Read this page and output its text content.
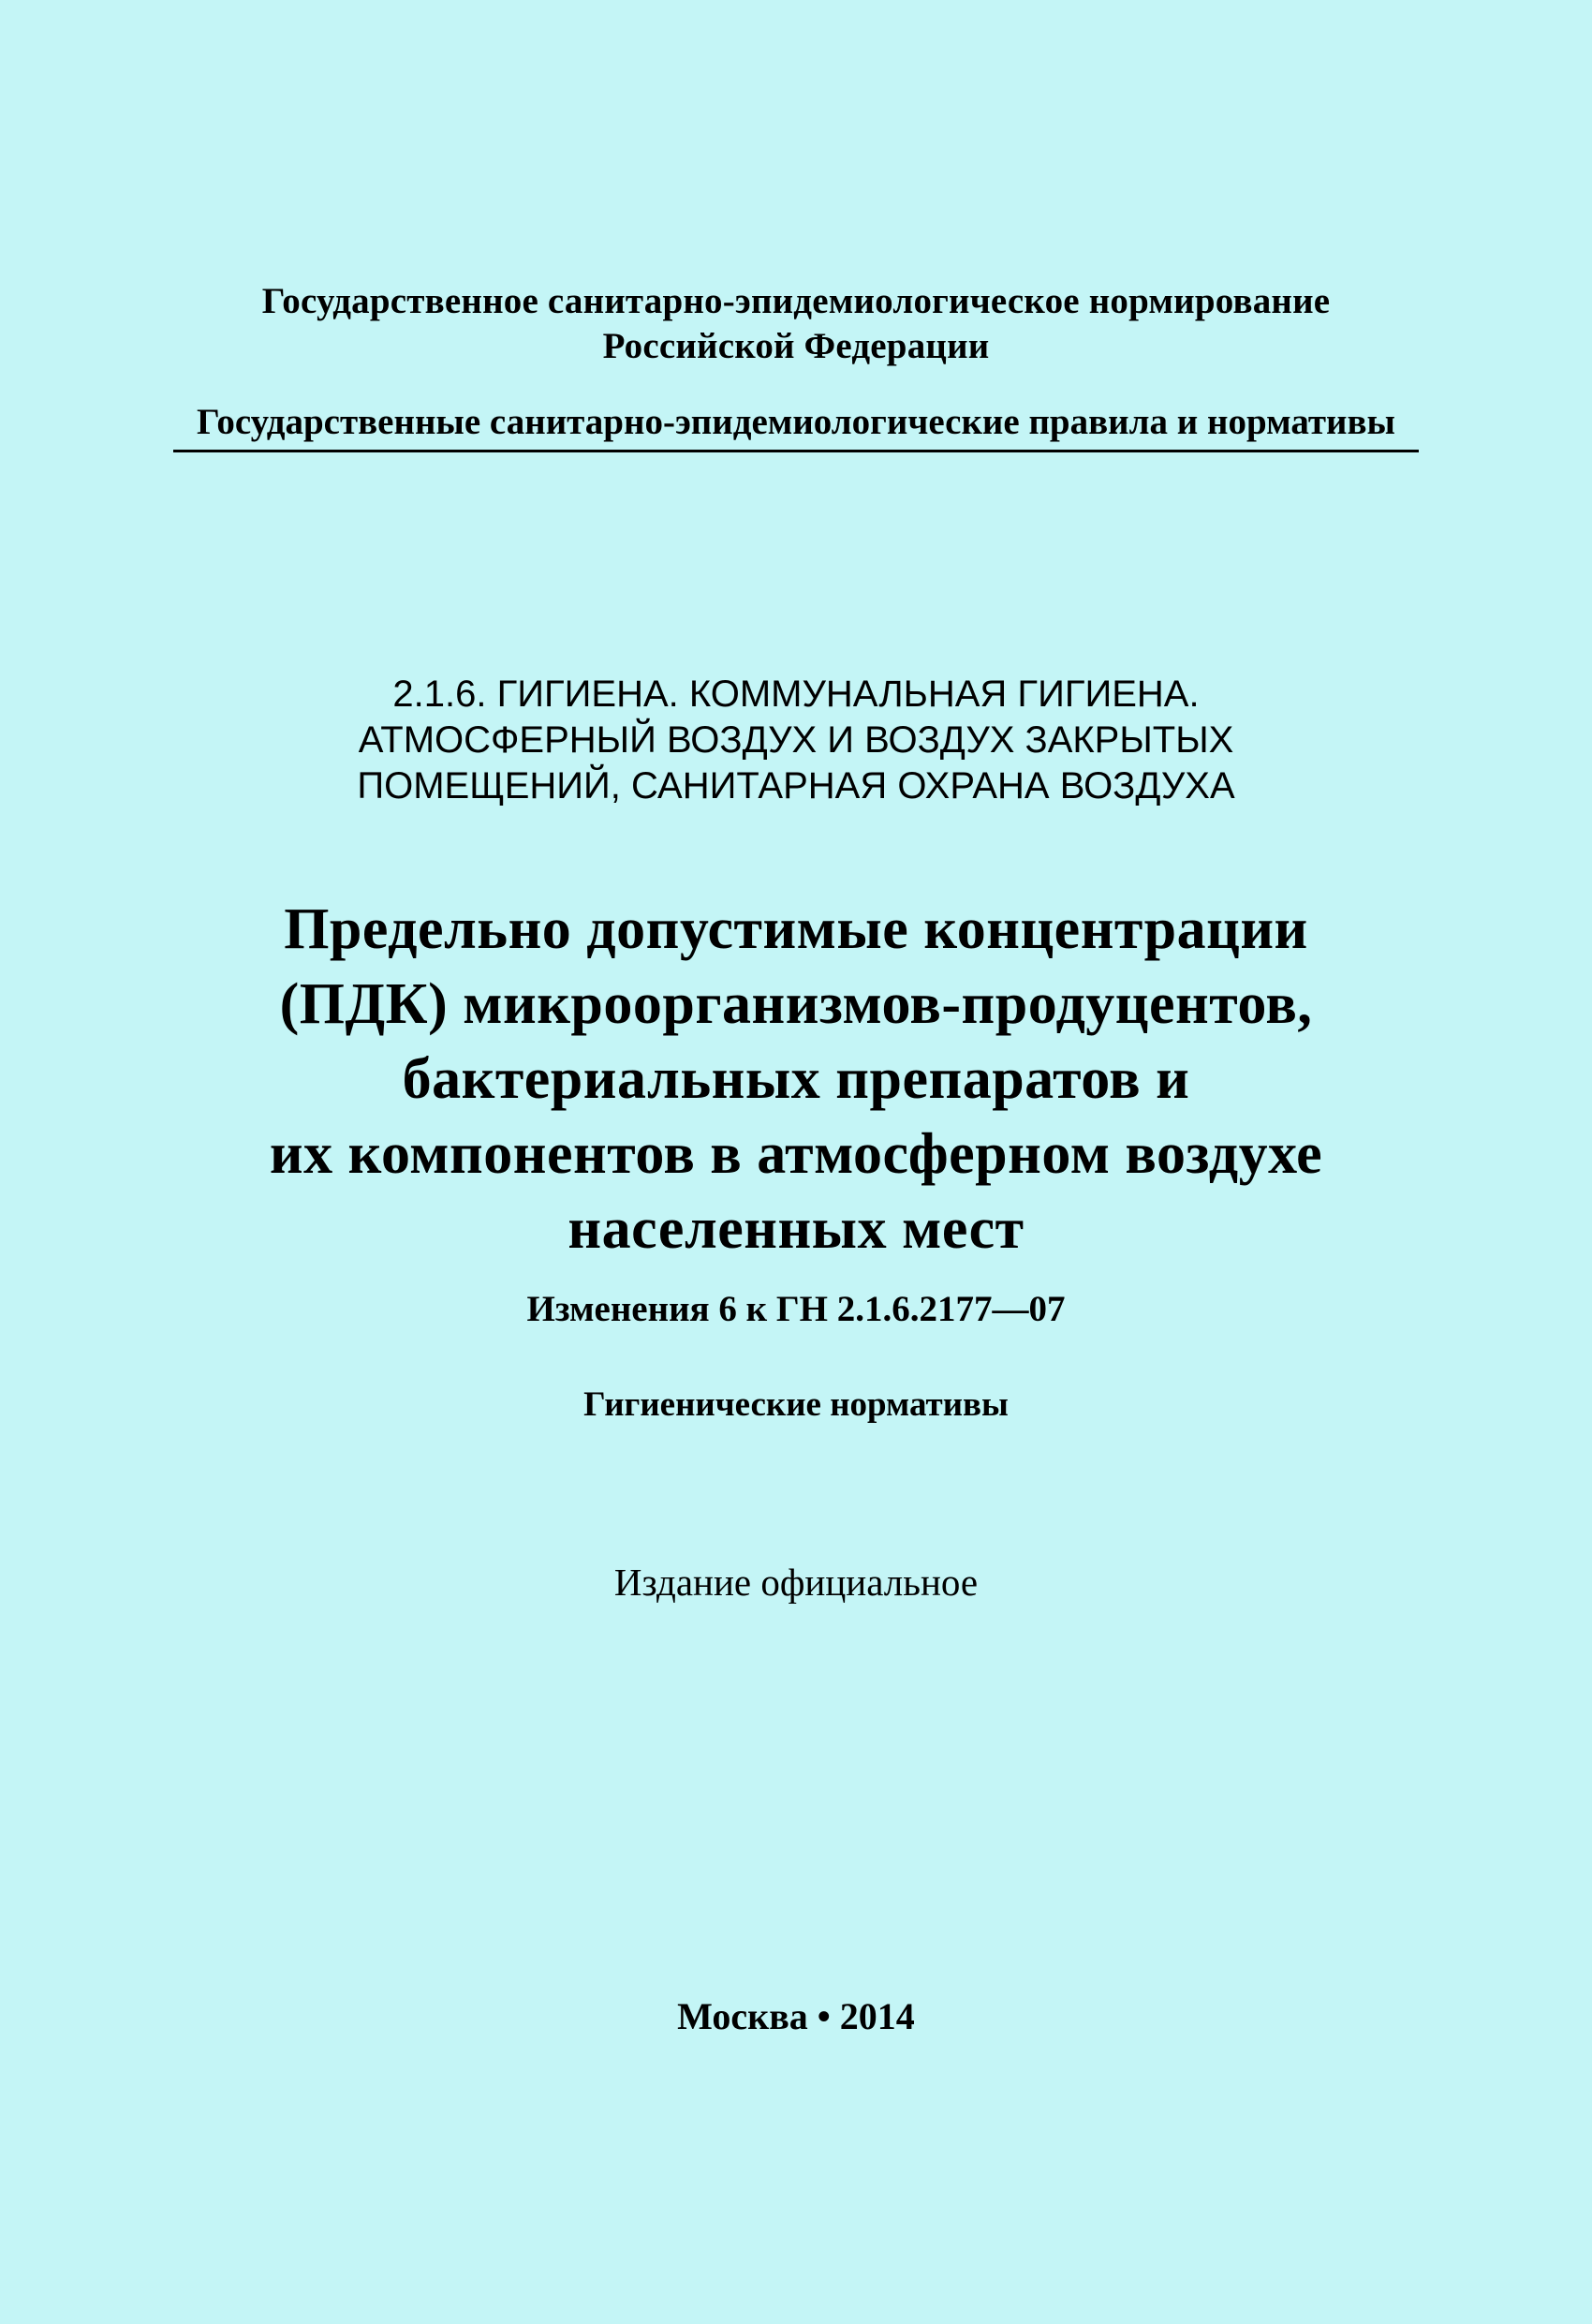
Государственное санитарно-эпидемиологическое нормирование
Российской Федерации
Государственные санитарно-эпидемиологические правила и нормативы
2.1.6. ГИГИЕНА. КОММУНАЛЬНАЯ ГИГИЕНА.
АТМОСФЕРНЫЙ ВОЗДУХ И ВОЗДУХ ЗАКРЫТЫХ
ПОМЕЩЕНИЙ, САНИТАРНАЯ ОХРАНА ВОЗДУХА
Предельно допустимые концентрации
(ПДК) микроорганизмов-продуцентов,
бактериальных препаратов и
их компонентов в атмосферном воздухе
населенных мест
Изменения 6 к ГН 2.1.6.2177—07
Гигиенические нормативы
Издание официальное
Москва • 2014
